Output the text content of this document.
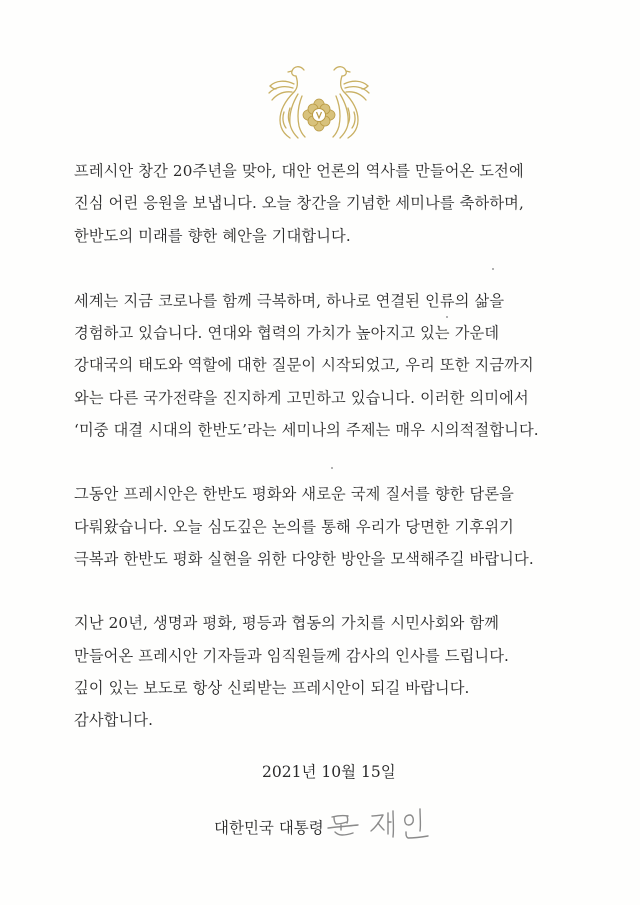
프레시안 창간 20주년을 맞아, 대안 언론의 역사를 만들어온 도전에
진심 어린 응원을 보냅니다. 오늘 창간을 기념한 세미나를 축하하며,
한반도의 미래를 향한 혜안을 기대합니다.

세계는 지금 코로나를 함께 극복하며, 하나로 연결된 인류의 삶을
경험하고 있습니다. 연대와 협력의 가치가 높아지고 있는 가운데
강대국의 태도와 역할에 대한 질문이 시작되었고, 우리 또한 지금까지
와는 다른 국가전략을 진지하게 고민하고 있습니다. 이러한 의미에서
‘미중 대결 시대의 한반도’라는 세미나의 주제는 매우 시의적절합니다.

그동안 프레시안은 한반도 평화와 새로운 국제 질서를 향한 담론을
다뤄왔습니다. 오늘 심도깊은 논의를 통해 우리가 당면한 기후위기
극복과 한반도 평화 실현을 위한 다양한 방안을 모색해주길 바랍니다.

지난 20년, 생명과 평화, 평등과 협동의 가치를 시민사회와 함께
만들어온 프레시안 기자들과 임직원들께 감사의 인사를 드립니다.
깊이 있는 보도로 항상 신뢰받는 프레시안이 되길 바랍니다.
감사합니다.

2021년 10월 15일
대한민국 대통령
